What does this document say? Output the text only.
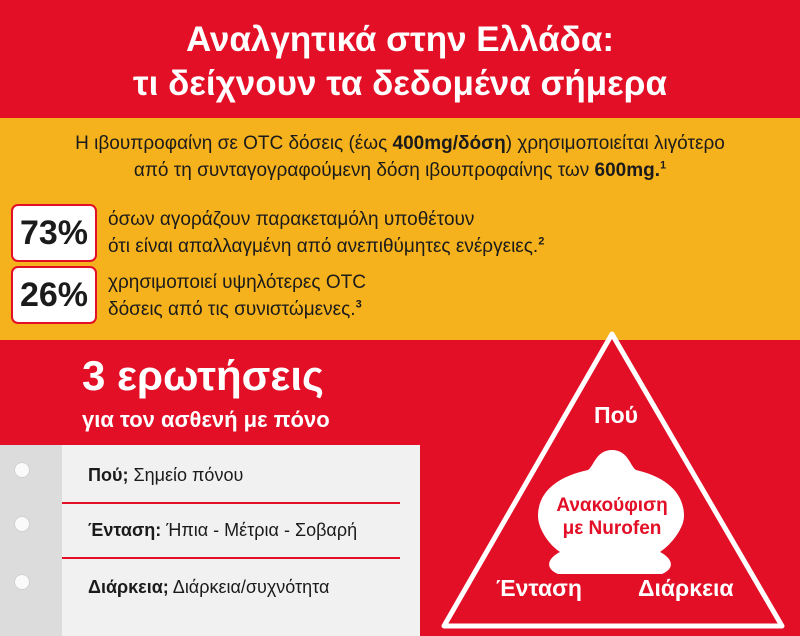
Αναλγητικά στην Ελλάδα:
τι δείχνουν τα δεδομένα σήμερα
Η ιβουπροφαίνη σε OTC δόσεις (έως 400mg/δόση) χρησιμοποιείται λιγότερο
από τη συνταγογραφούμενη δόση ιβουπροφαίνης των 600mg.$^1$
73%	όσων αγοράζουν παρακεταμόλη υποθέτουν
ότι είναι απαλλαγμένη από ανεπιθύμητες ενέργειες.$^2$
26%	χρησιμοποιεί υψηλότερες OTC
δόσεις από τις συνιστώμενες.$^3$
3 ερωτήσεις
για τον ασθενή με πόνο
Πού; Σημείο πόνου
Ένταση: Ήπια - Μέτρια - Σοβαρή
Διάρκεια; Διάρκεια/συχνότητα
Πού
Ένταση Διάρκεια
Ανακούφιση
με Nurofen
